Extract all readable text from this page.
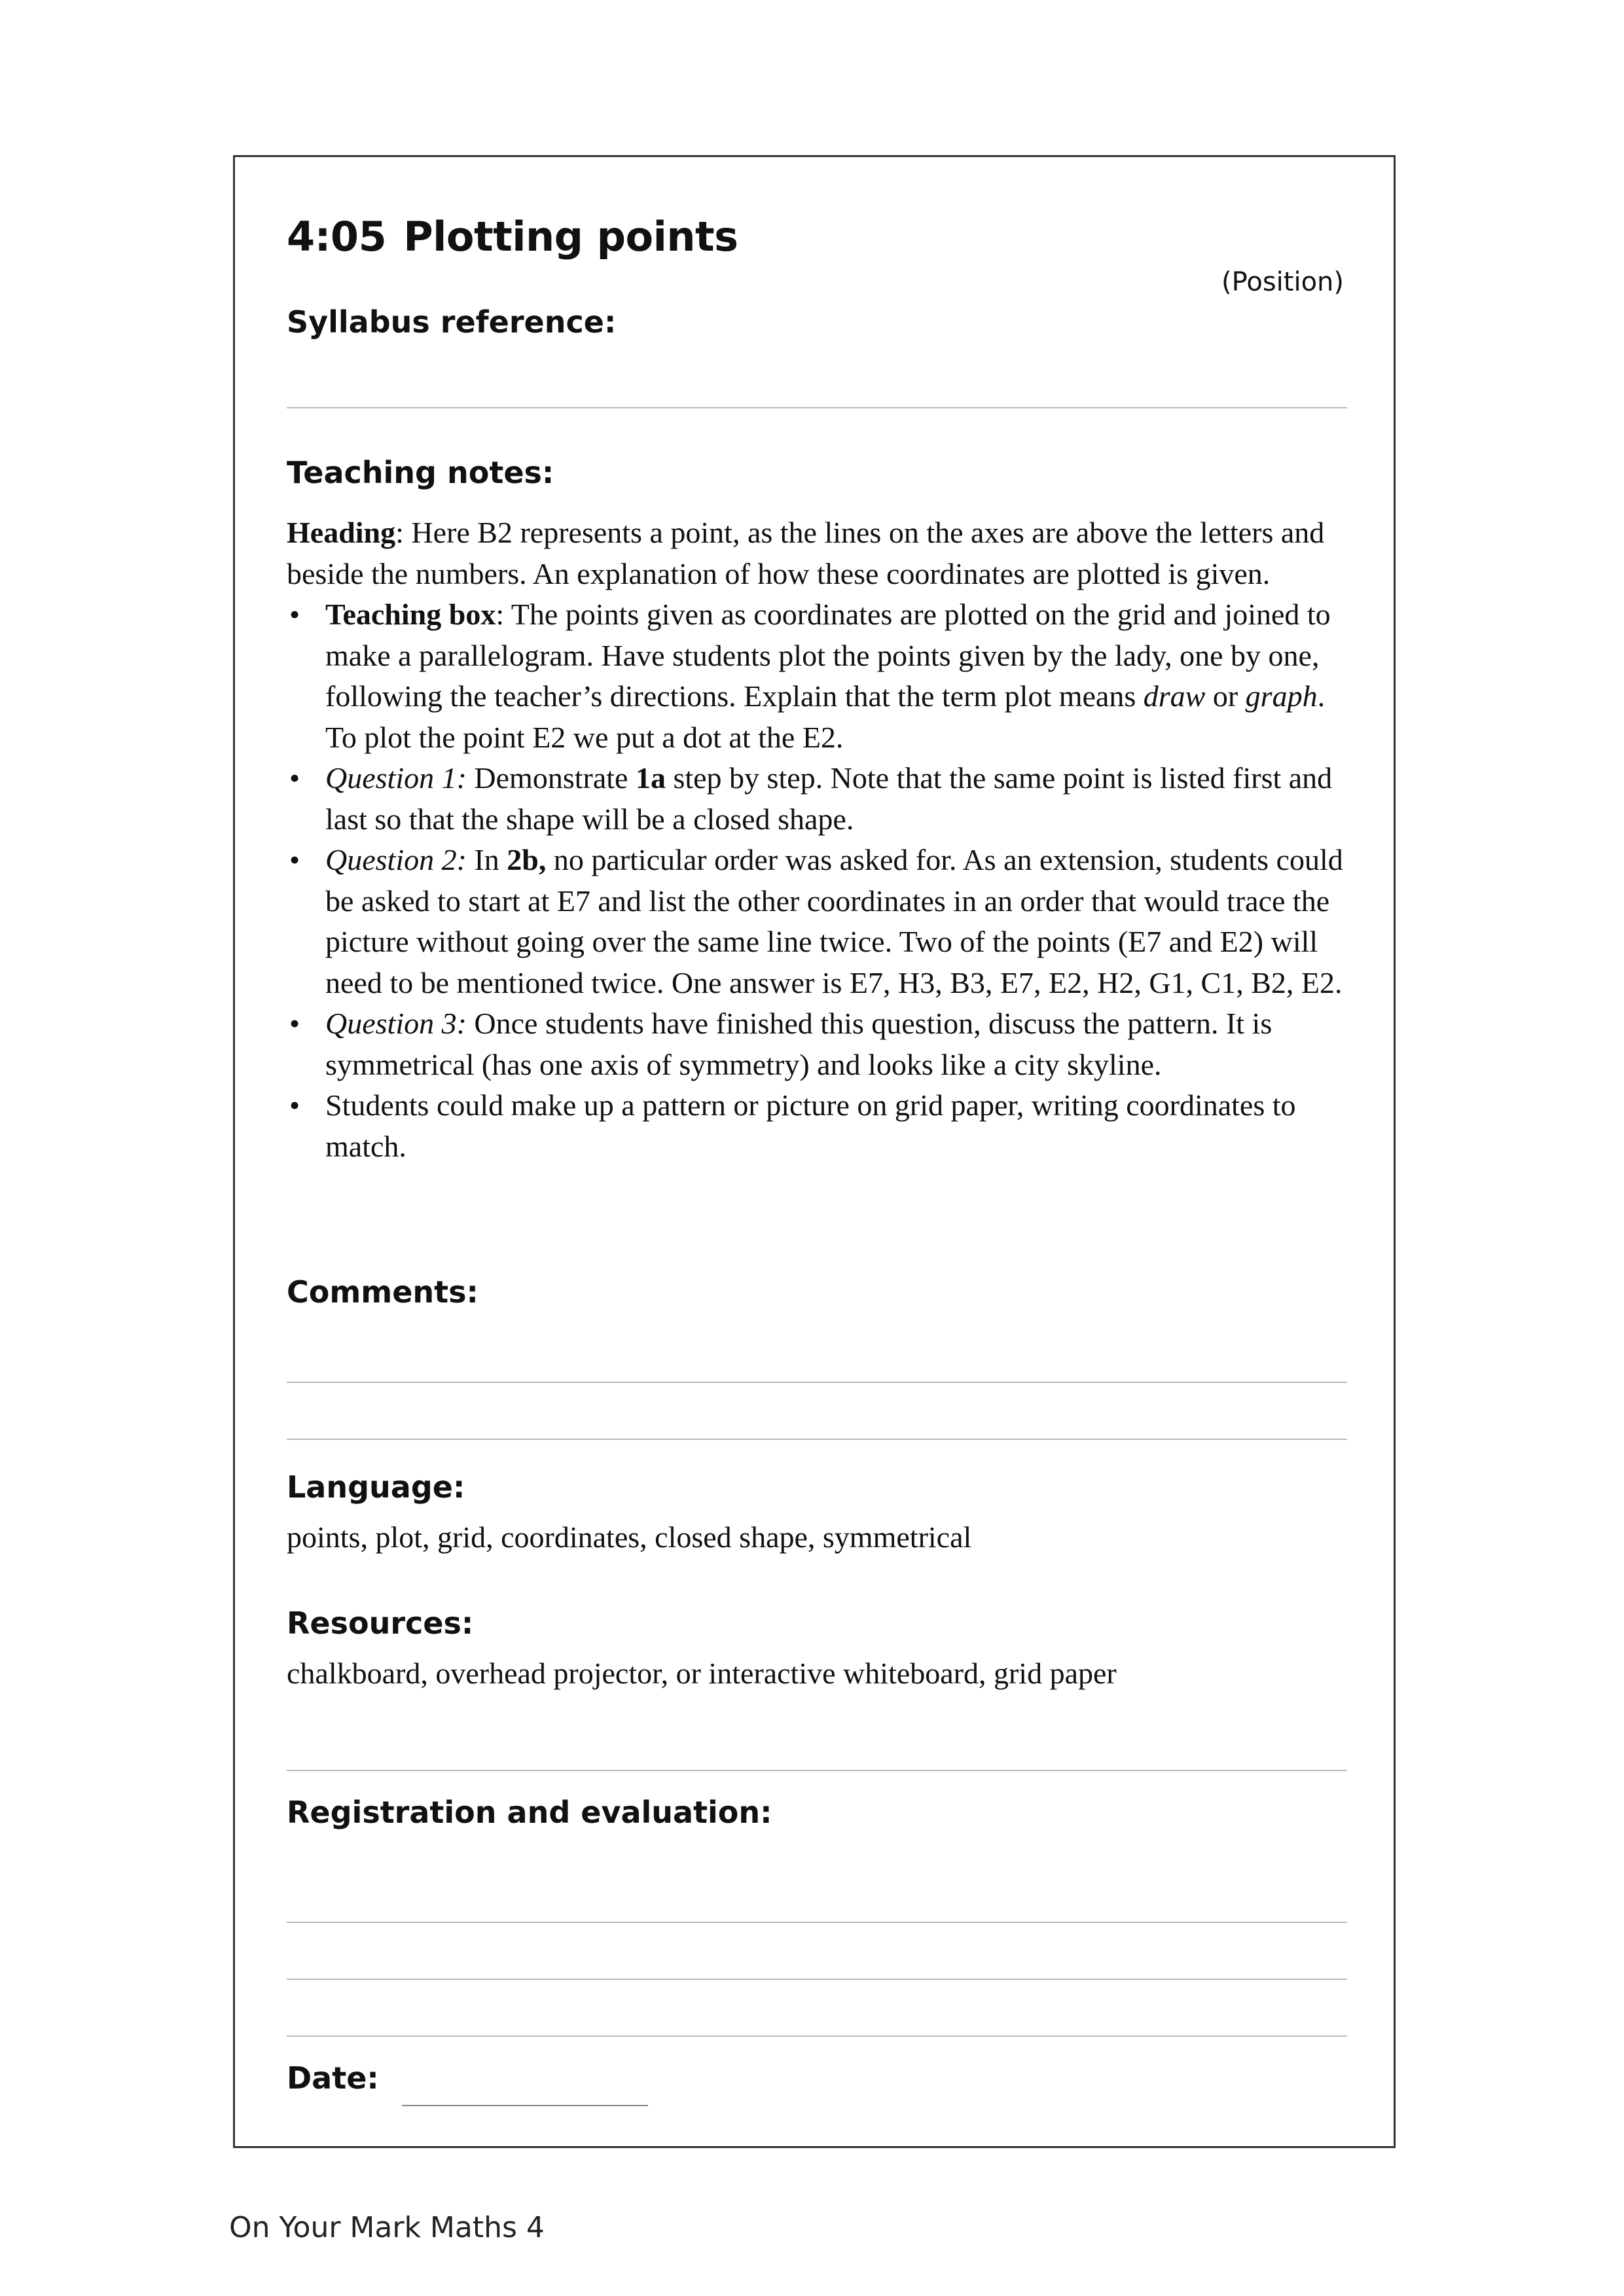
4:05 Plotting points

(Position)

Syllabus reference:
Teaching notes:

Heading: Here B2 represents a point, as the lines on the axes are above the letters and beside the numbers. An explanation of how these coordinates are plotted is given.

• Teaching box: The points given as coordinates are plotted on the grid and joined to make a parallelogram. Have students plot the points given by the lady, one by one, following the teacher’s directions. Explain that the term plot means draw or graph. To plot the point E2 we put a dot at the E2.
• Question 1: Demonstrate 1a step by step. Note that the same point is listed first and last so that the shape will be a closed shape.
• Question 2: In 2b, no particular order was asked for. As an extension, students could be asked to start at E7 and list the other coordinates in an order that would trace the picture without going over the same line twice. Two of the points (E7 and E2) will need to be mentioned twice. One answer is E7, H3, B3, E7, E2, H2, G1, C1, B2, E2.
• Question 3: Once students have finished this question, discuss the pattern. It is symmetrical (has one axis of symmetry) and looks like a city skyline.
• Students could make up a pattern or picture on grid paper, writing coordinates to match.
Comments:
Language:

points, plot, grid, coordinates, closed shape, symmetrical

Resources:

chalkboard, overhead projector, or interactive whiteboard, grid paper

Registration and evaluation:
Date:

On Your Mark Maths 4
